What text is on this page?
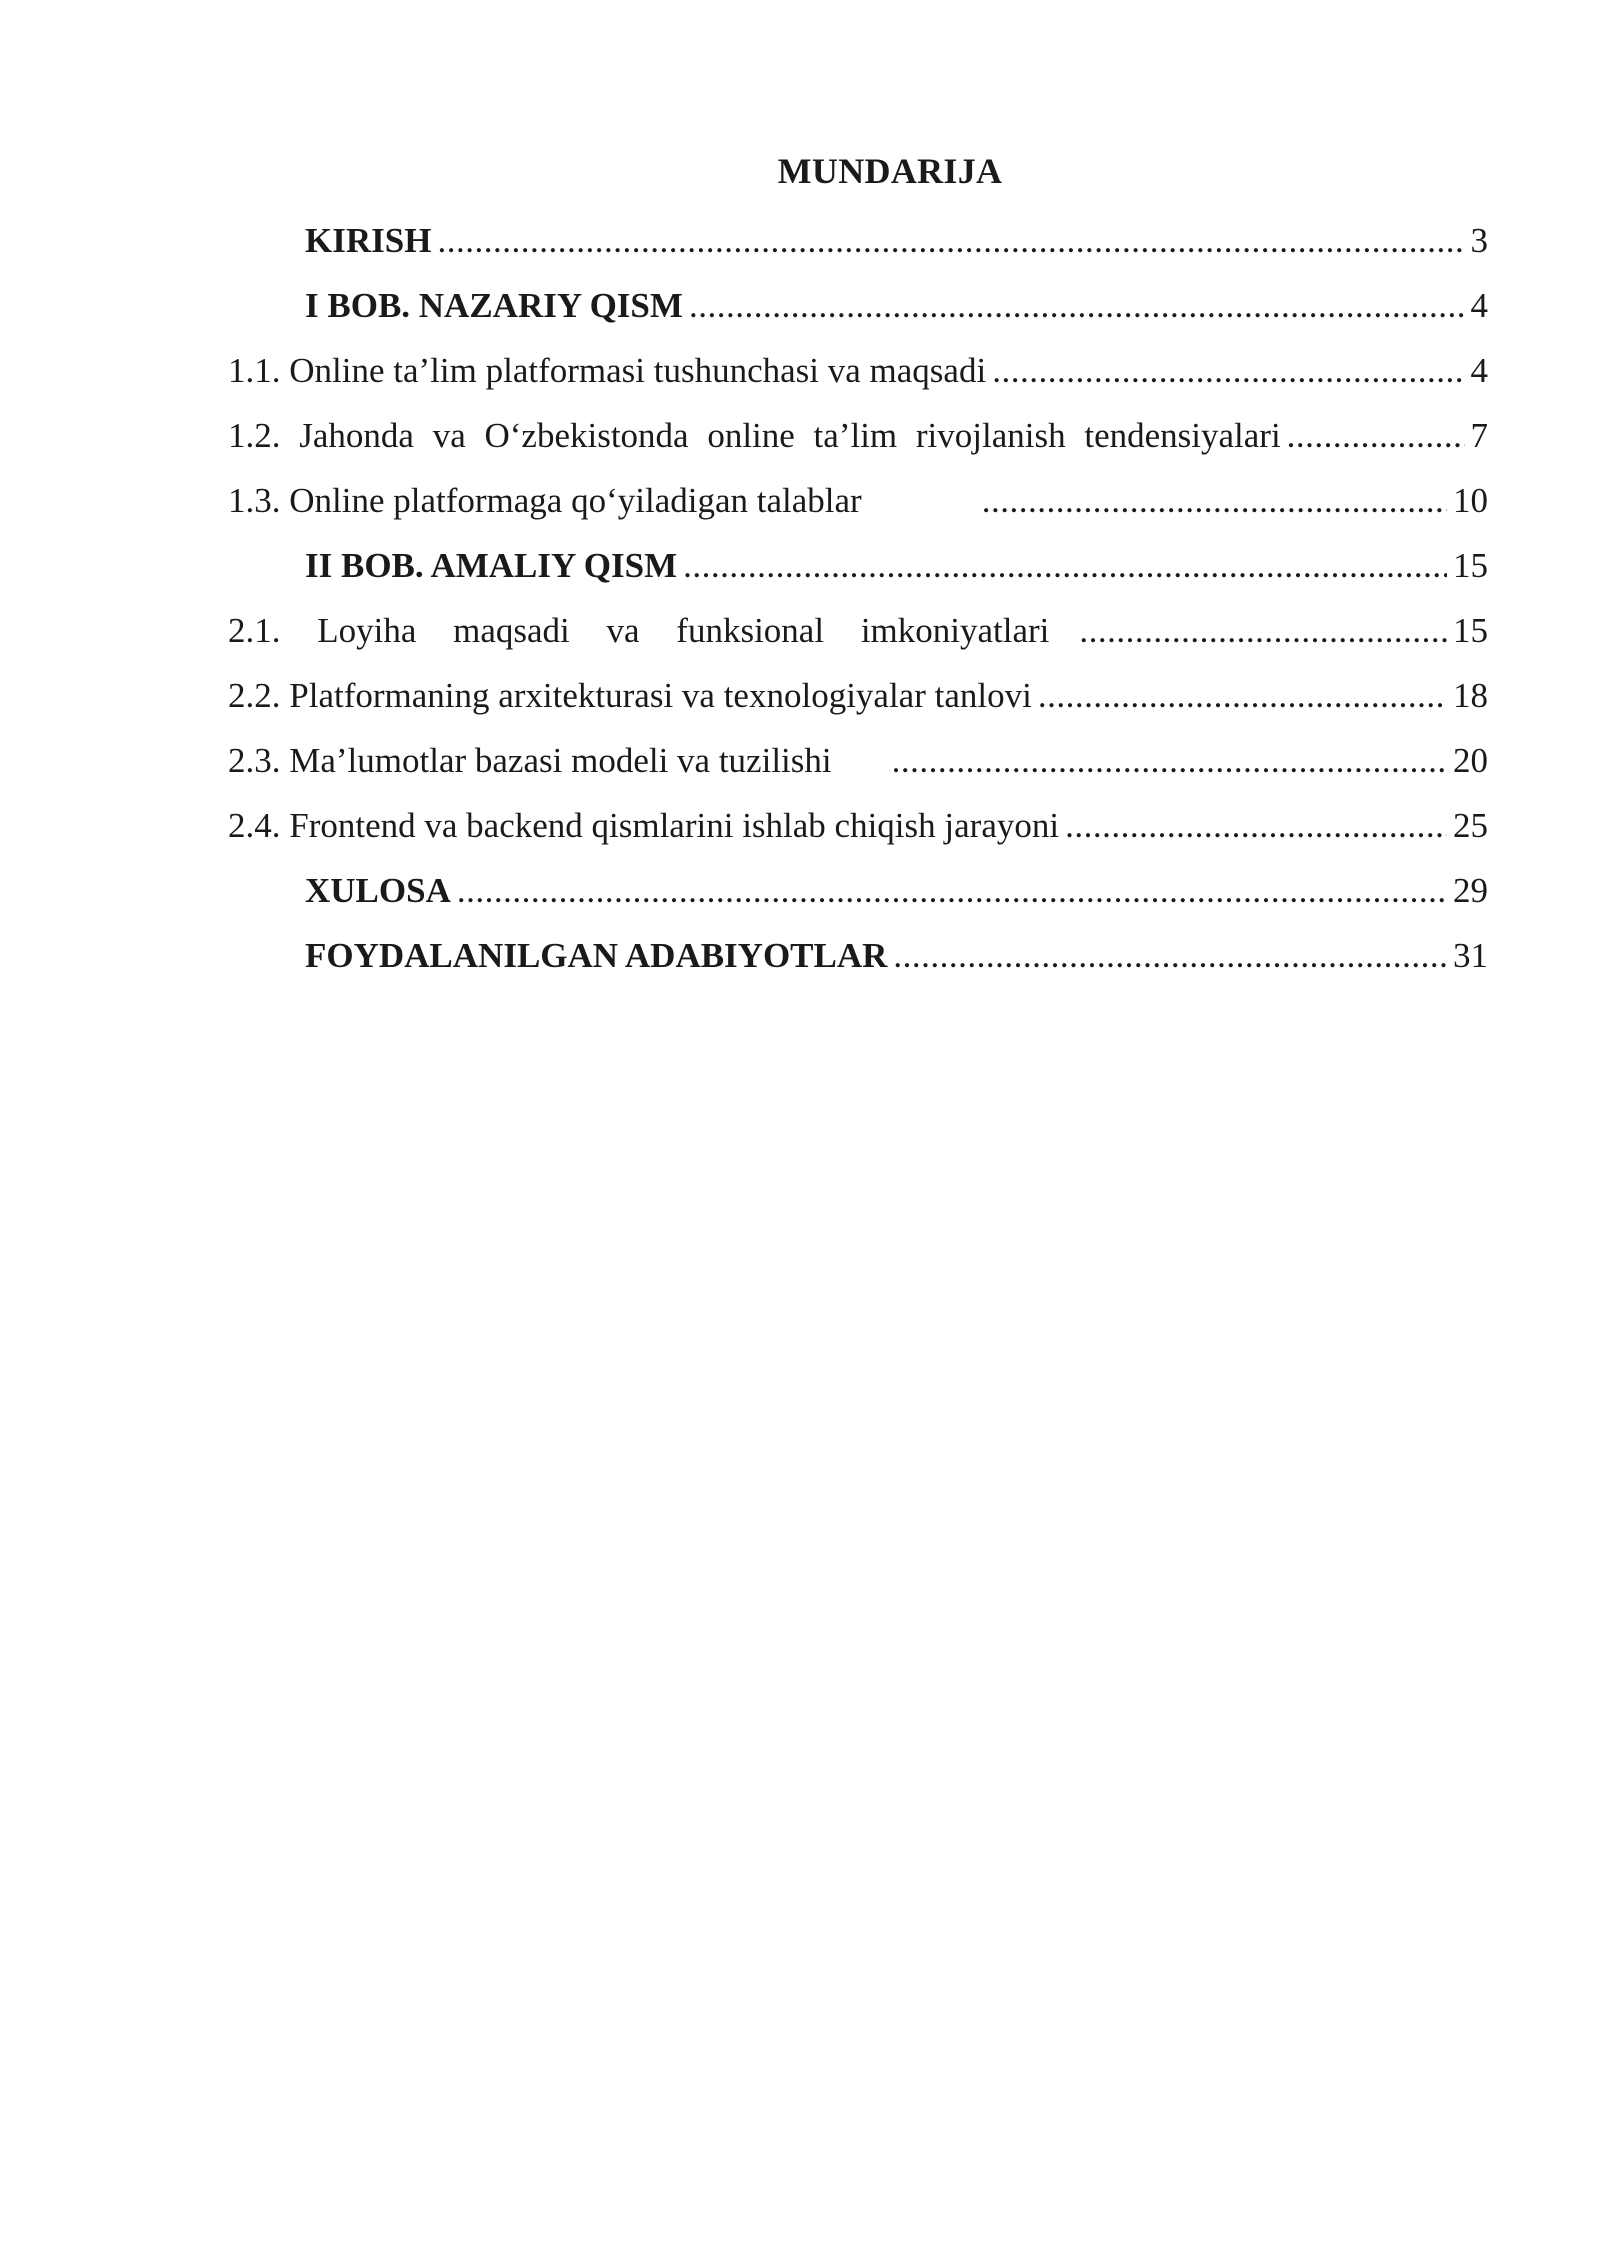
MUNDARIJA
KIRISH .....	3
I BOB. NAZARIY QISM .....	4
1.1. Online ta’lim platformasi tushunchasi va maqsadi .....	4
1.2. Jahonda va O‘zbekistonda online ta’lim rivojlanish tendensiyalari .....	7
1.3. Online platformaga qo‘yiladigan talablar .....	10
II BOB. AMALIY QISM .....	15
2.1. Loyiha maqsadi va funksional imkoniyatlari .....	15
2.2. Platformaning arxitekturasi va texnologiyalar tanlovi .....	18
2.3. Ma’lumotlar bazasi modeli va tuzilishi .....	20
2.4. Frontend va backend qismlarini ishlab chiqish jarayoni .....	25
XULOSA .....	29
FOYDALANILGAN ADABIYOTLAR .....	31
